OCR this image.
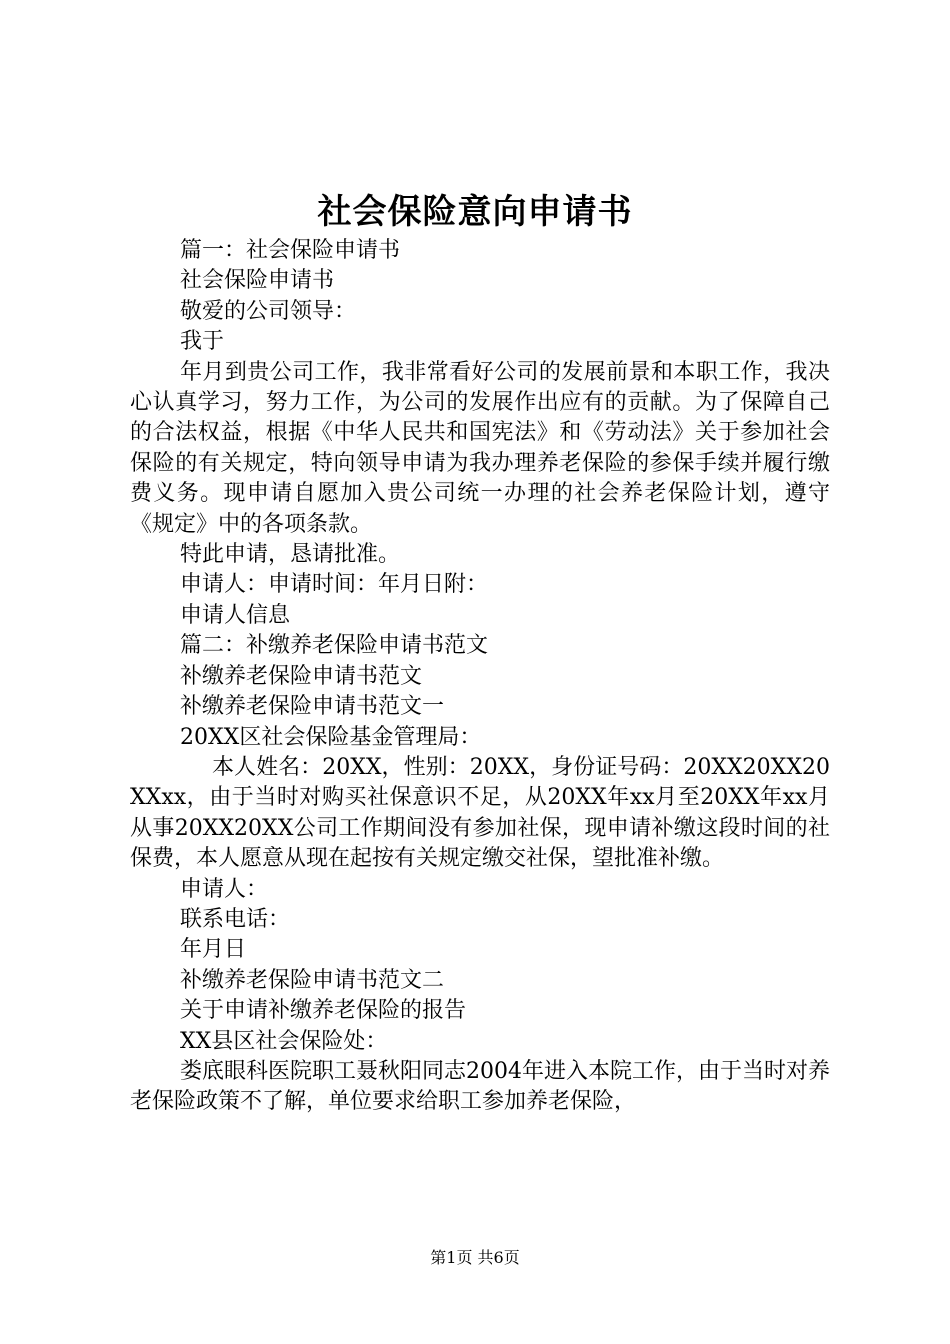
社会保险意向申请书

篇一：社会保险申请书

社会保险申请书

敬爱的公司领导：

我于

年月到贵公司工作，我非常看好公司的发展前景和本职工作，我决心认真学习，努力工作，为公司的发展作出应有的贡献。为了保障自己的合法权益，根据《中华人民共和国宪法》和《劳动法》关于参加社会保险的有关规定，特向领导申请为我办理养老保险的参保手续并履行缴费义务。现申请自愿加入贵公司统一办理的社会养老保险计划，遵守《规定》中的各项条款。

特此申请，恳请批准。

申请人：申请时间：年月日附：

申请人信息

篇二：补缴养老保险申请书范文

补缴养老保险申请书范文

补缴养老保险申请书范文一

20XX区社会保险基金管理局：

本人姓名：20XX，性别：20XX，身份证号码：20XX20XX20XXxx，由于当时对购买社保意识不足，从20XX年xx月至20XX年xx月从事20XX20XX公司工作期间没有参加社保，现申请补缴这段时间的社保费，本人愿意从现在起按有关规定缴交社保，望批准补缴。

申请人：

联系电话：

年月日

补缴养老保险申请书范文二

关于申请补缴养老保险的报告

XX县区社会保险处：

娄底眼科医院职工聂秋阳同志2004年进入本院工作，由于当时对养老保险政策不了解，单位要求给职工参加养老保险，

第1页 共6页
